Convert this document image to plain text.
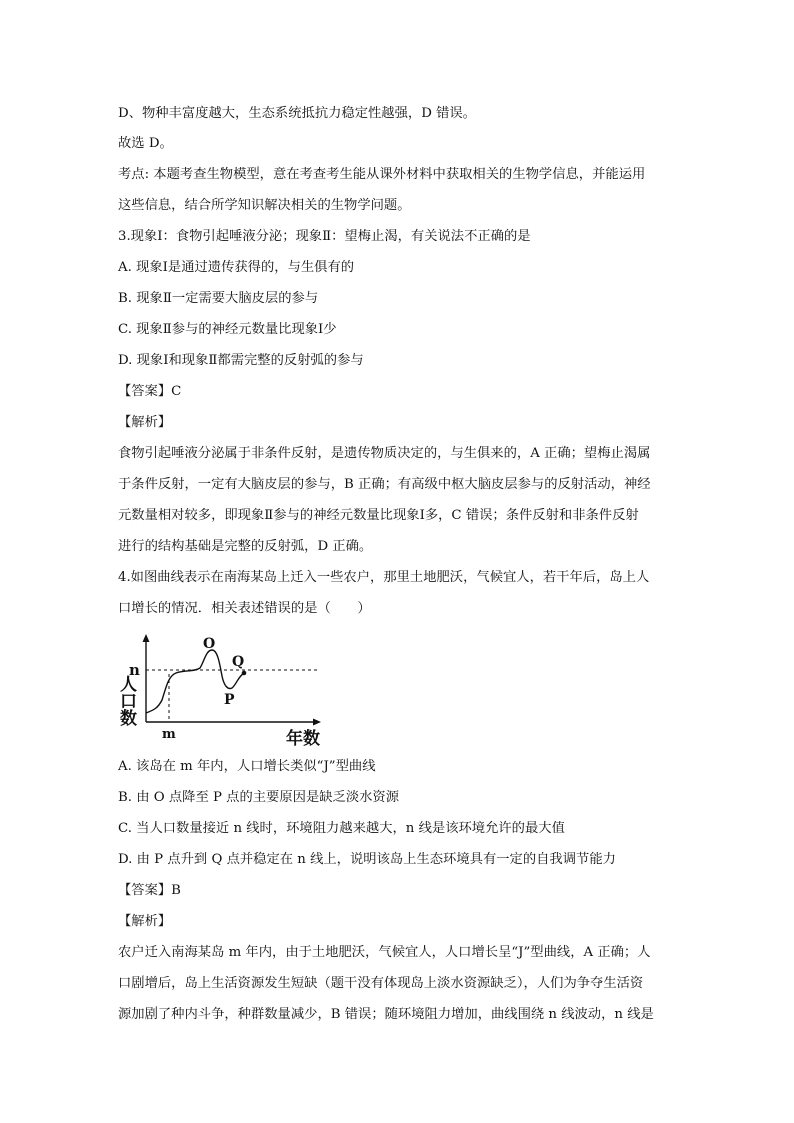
D、物种丰富度越大，生态系统抵抗力稳定性越强，D 错误。
故选 D。
考点: 本题考查生物模型，意在考查考生能从课外材料中获取相关的生物学信息，并能运用
这些信息，结合所学知识解决相关的生物学问题。
3.现象Ⅰ：食物引起唾液分泌；现象Ⅱ：望梅止渴，有关说法不正确的是
A. 现象Ⅰ是通过遗传获得的，与生俱有的
B. 现象Ⅱ一定需要大脑皮层的参与
C. 现象Ⅱ参与的神经元数量比现象Ⅰ少
D. 现象Ⅰ和现象Ⅱ都需完整的反射弧的参与
【答案】C
【解析】
食物引起唾液分泌属于非条件反射，是遗传物质决定的，与生俱来的，A 正确；望梅止渴属
于条件反射，一定有大脑皮层的参与，B 正确；有高级中枢大脑皮层参与的反射活动，神经
元数量相对较多，即现象Ⅱ参与的神经元数量比现象Ⅰ多，C 错误；条件反射和非条件反射
进行的结构基础是完整的反射弧，D 正确。
4.如图曲线表示在南海某岛上迁入一些农户，那里土地肥沃，气候宜人，若干年后，岛上人
口增长的情况．相关表述错误的是（　　）
n
人
口
数
m
O
P
Q
年数
A. 该岛在 m 年内，人口增长类似“J”型曲线
B. 由 O 点降至 P 点的主要原因是缺乏淡水资源
C. 当人口数量接近 n 线时，环境阻力越来越大，n 线是该环境允许的最大值
D. 由 P 点升到 Q 点并稳定在 n 线上，说明该岛上生态环境具有一定的自我调节能力
【答案】B
【解析】
农户迁入南海某岛 m 年内，由于土地肥沃，气候宜人，人口增长呈“J”型曲线，A 正确；人
口剧增后，岛上生活资源发生短缺（题干没有体现岛上淡水资源缺乏），人们为争夺生活资
源加剧了种内斗争，种群数量减少，B 错误；随环境阻力增加，曲线围绕 n 线波动，n 线是
